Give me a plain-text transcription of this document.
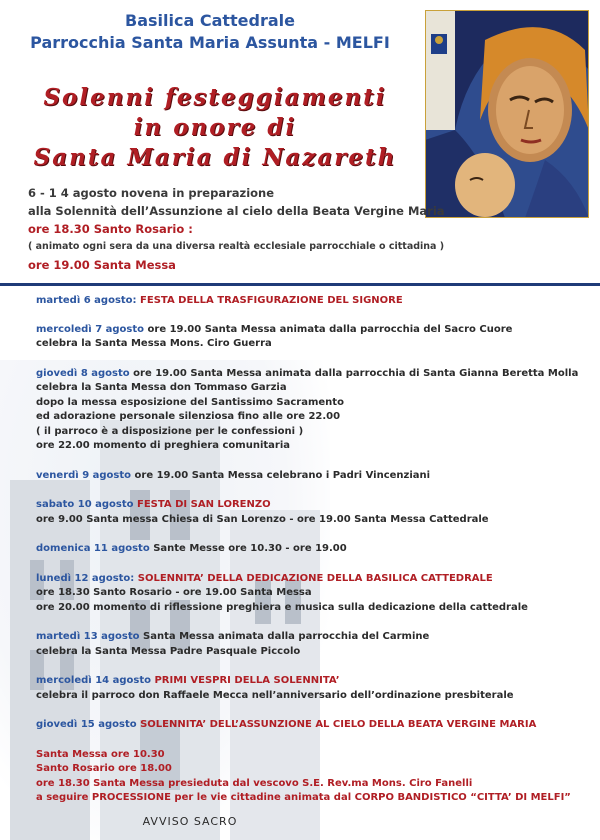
Basilica Cattedrale
Parrocchia Santa Maria Assunta - MELFI
Solenni festeggiamenti
in onore di
Santa Maria di Nazareth
6 - 1 4 agosto novena in preparazione
alla Solennità dell’Assunzione al cielo della Beata Vergine Maria
ore 18.30 Santo Rosario :
( animato ogni sera da una diversa realtà ecclesiale parrocchiale o cittadina )
ore 19.00 Santa Messa
martedì 6 agosto: FESTA DELLA TRASFIGURAZIONE DEL SIGNORE
mercoledì 7 agosto ore 19.00 Santa Messa animata dalla parrocchia del Sacro Cuore
celebra la Santa Messa Mons. Ciro Guerra
giovedì 8 agosto ore 19.00 Santa Messa animata dalla parrocchia di Santa Gianna Beretta Molla
celebra la Santa Messa don Tommaso Garzia
dopo la messa esposizione del Santissimo Sacramento
ed adorazione personale silenziosa fino alle ore 22.00
( il parroco è a disposizione per le confessioni )
ore 22.00 momento di preghiera comunitaria
venerdì 9 agosto ore 19.00 Santa Messa celebrano i Padri Vincenziani
sabato 10 agosto FESTA DI SAN LORENZO
ore 9.00 Santa messa Chiesa di San Lorenzo - ore 19.00 Santa Messa Cattedrale
domenica 11 agosto Sante Messe ore 10.30 - ore 19.00
lunedì 12 agosto: SOLENNITA’ DELLA DEDICAZIONE DELLA BASILICA CATTEDRALE
ore 18.30 Santo Rosario - ore 19.00 Santa Messa
ore 20.00 momento di riflessione preghiera e musica sulla dedicazione della cattedrale
martedì 13 agosto Santa Messa animata dalla parrocchia del Carmine
celebra la Santa Messa Padre Pasquale Piccolo
mercoledì 14 agosto PRIMI VESPRI DELLA SOLENNITA’
celebra il parroco don Raffaele Mecca nell’anniversario dell’ordinazione presbiterale
giovedì 15 agosto SOLENNITA’ DELL’ASSUNZIONE AL CIELO DELLA BEATA VERGINE MARIA
Santa Messa ore 10.30
Santo Rosario ore 18.00
ore 18.30 Santa Messa presieduta dal vescovo S.E. Rev.ma Mons. Ciro Fanelli
a seguire PROCESSIONE per le vie cittadine animata dal CORPO BANDISTICO “CITTA’ DI MELFI”
AVVISO SACRO
